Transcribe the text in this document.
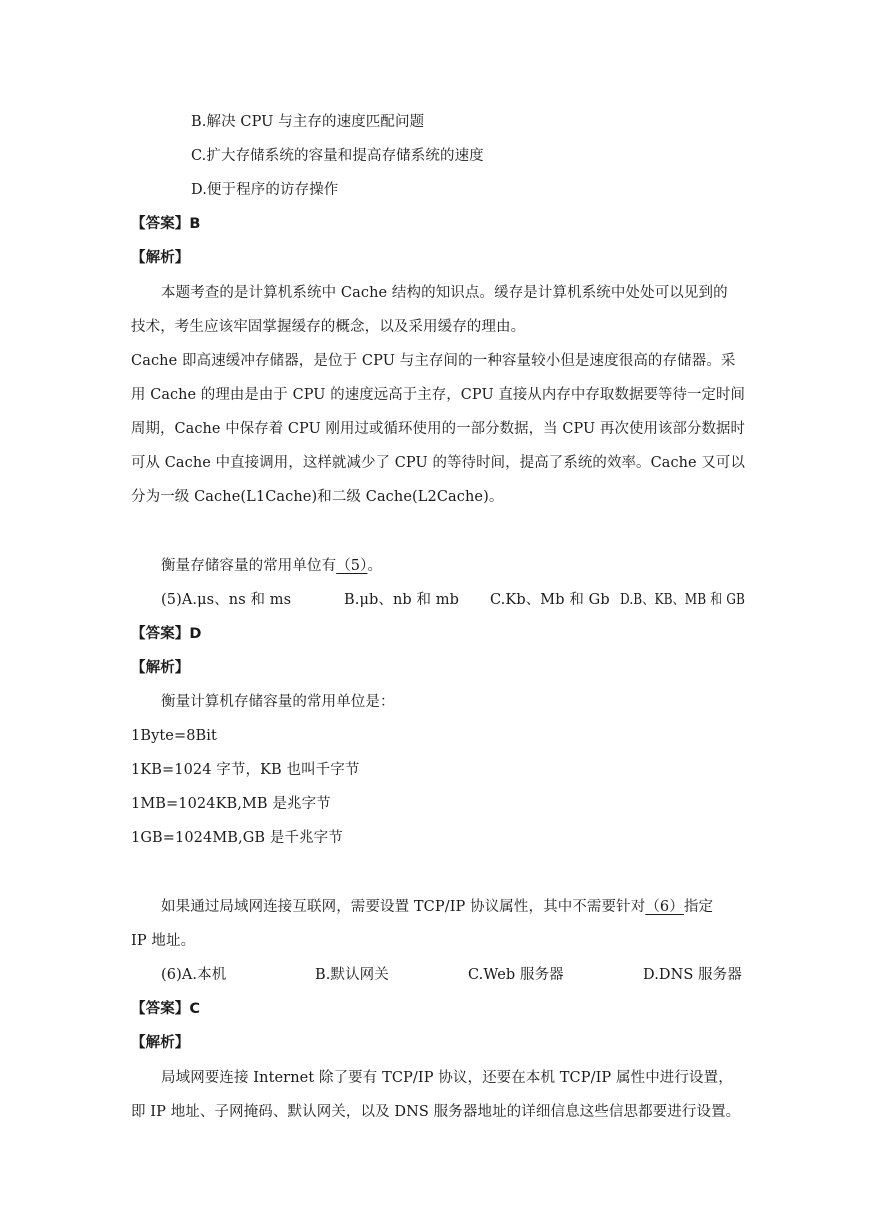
B.解决 CPU 与主存的速度匹配问题
C.扩大存储系统的容量和提高存储系统的速度
D.便于程序的访存操作
【答案】B
【解析】
本题考查的是计算机系统中 Cache 结构的知识点。缓存是计算机系统中处处可以见到的
技术，考生应该牢固掌握缓存的概念，以及采用缓存的理由。
Cache 即高速缓冲存储器，是位于 CPU 与主存间的一种容量较小但是速度很高的存储器。采
用 Cache 的理由是由于 CPU 的速度远高于主存，CPU 直接从内存中存取数据要等待一定时间
周期，Cache 中保存着 CPU 刚用过或循环使用的一部分数据，当 CPU 再次使用该部分数据时
可从 Cache 中直接调用，这样就减少了 CPU 的等待时间，提高了系统的效率。Cache 又可以
分为一级 Cache(L1Cache)和二级 Cache(L2Cache)。
衡量存储容量的常用单位有（5）。
(5)A.μs、ns 和 ms	B.μb、nb 和 mb C.Kb、Mb 和 Gb D.B、KB、MB 和 GB
【答案】D
【解析】
衡量计算机存储容量的常用单位是：
1Byte=8Bit
1KB=1024 字节，KB 也叫千字节
1MB=1024KB,MB 是兆字节
1GB=1024MB,GB 是千兆字节
如果通过局域网连接互联网，需要设置 TCP/IP 协议属性，其中不需要针对（6）指定
IP 地址。
(6)A.本机	B.默认网关	C.Web 服务器	D.DNS 服务器
【答案】C
【解析】
局域网要连接 Internet 除了要有 TCP/IP 协议，还要在本机 TCP/IP 属性中进行设置，
即 IP 地址、子网掩码、默认网关，以及 DNS 服务器地址的详细信息这些信思都要进行设置。
